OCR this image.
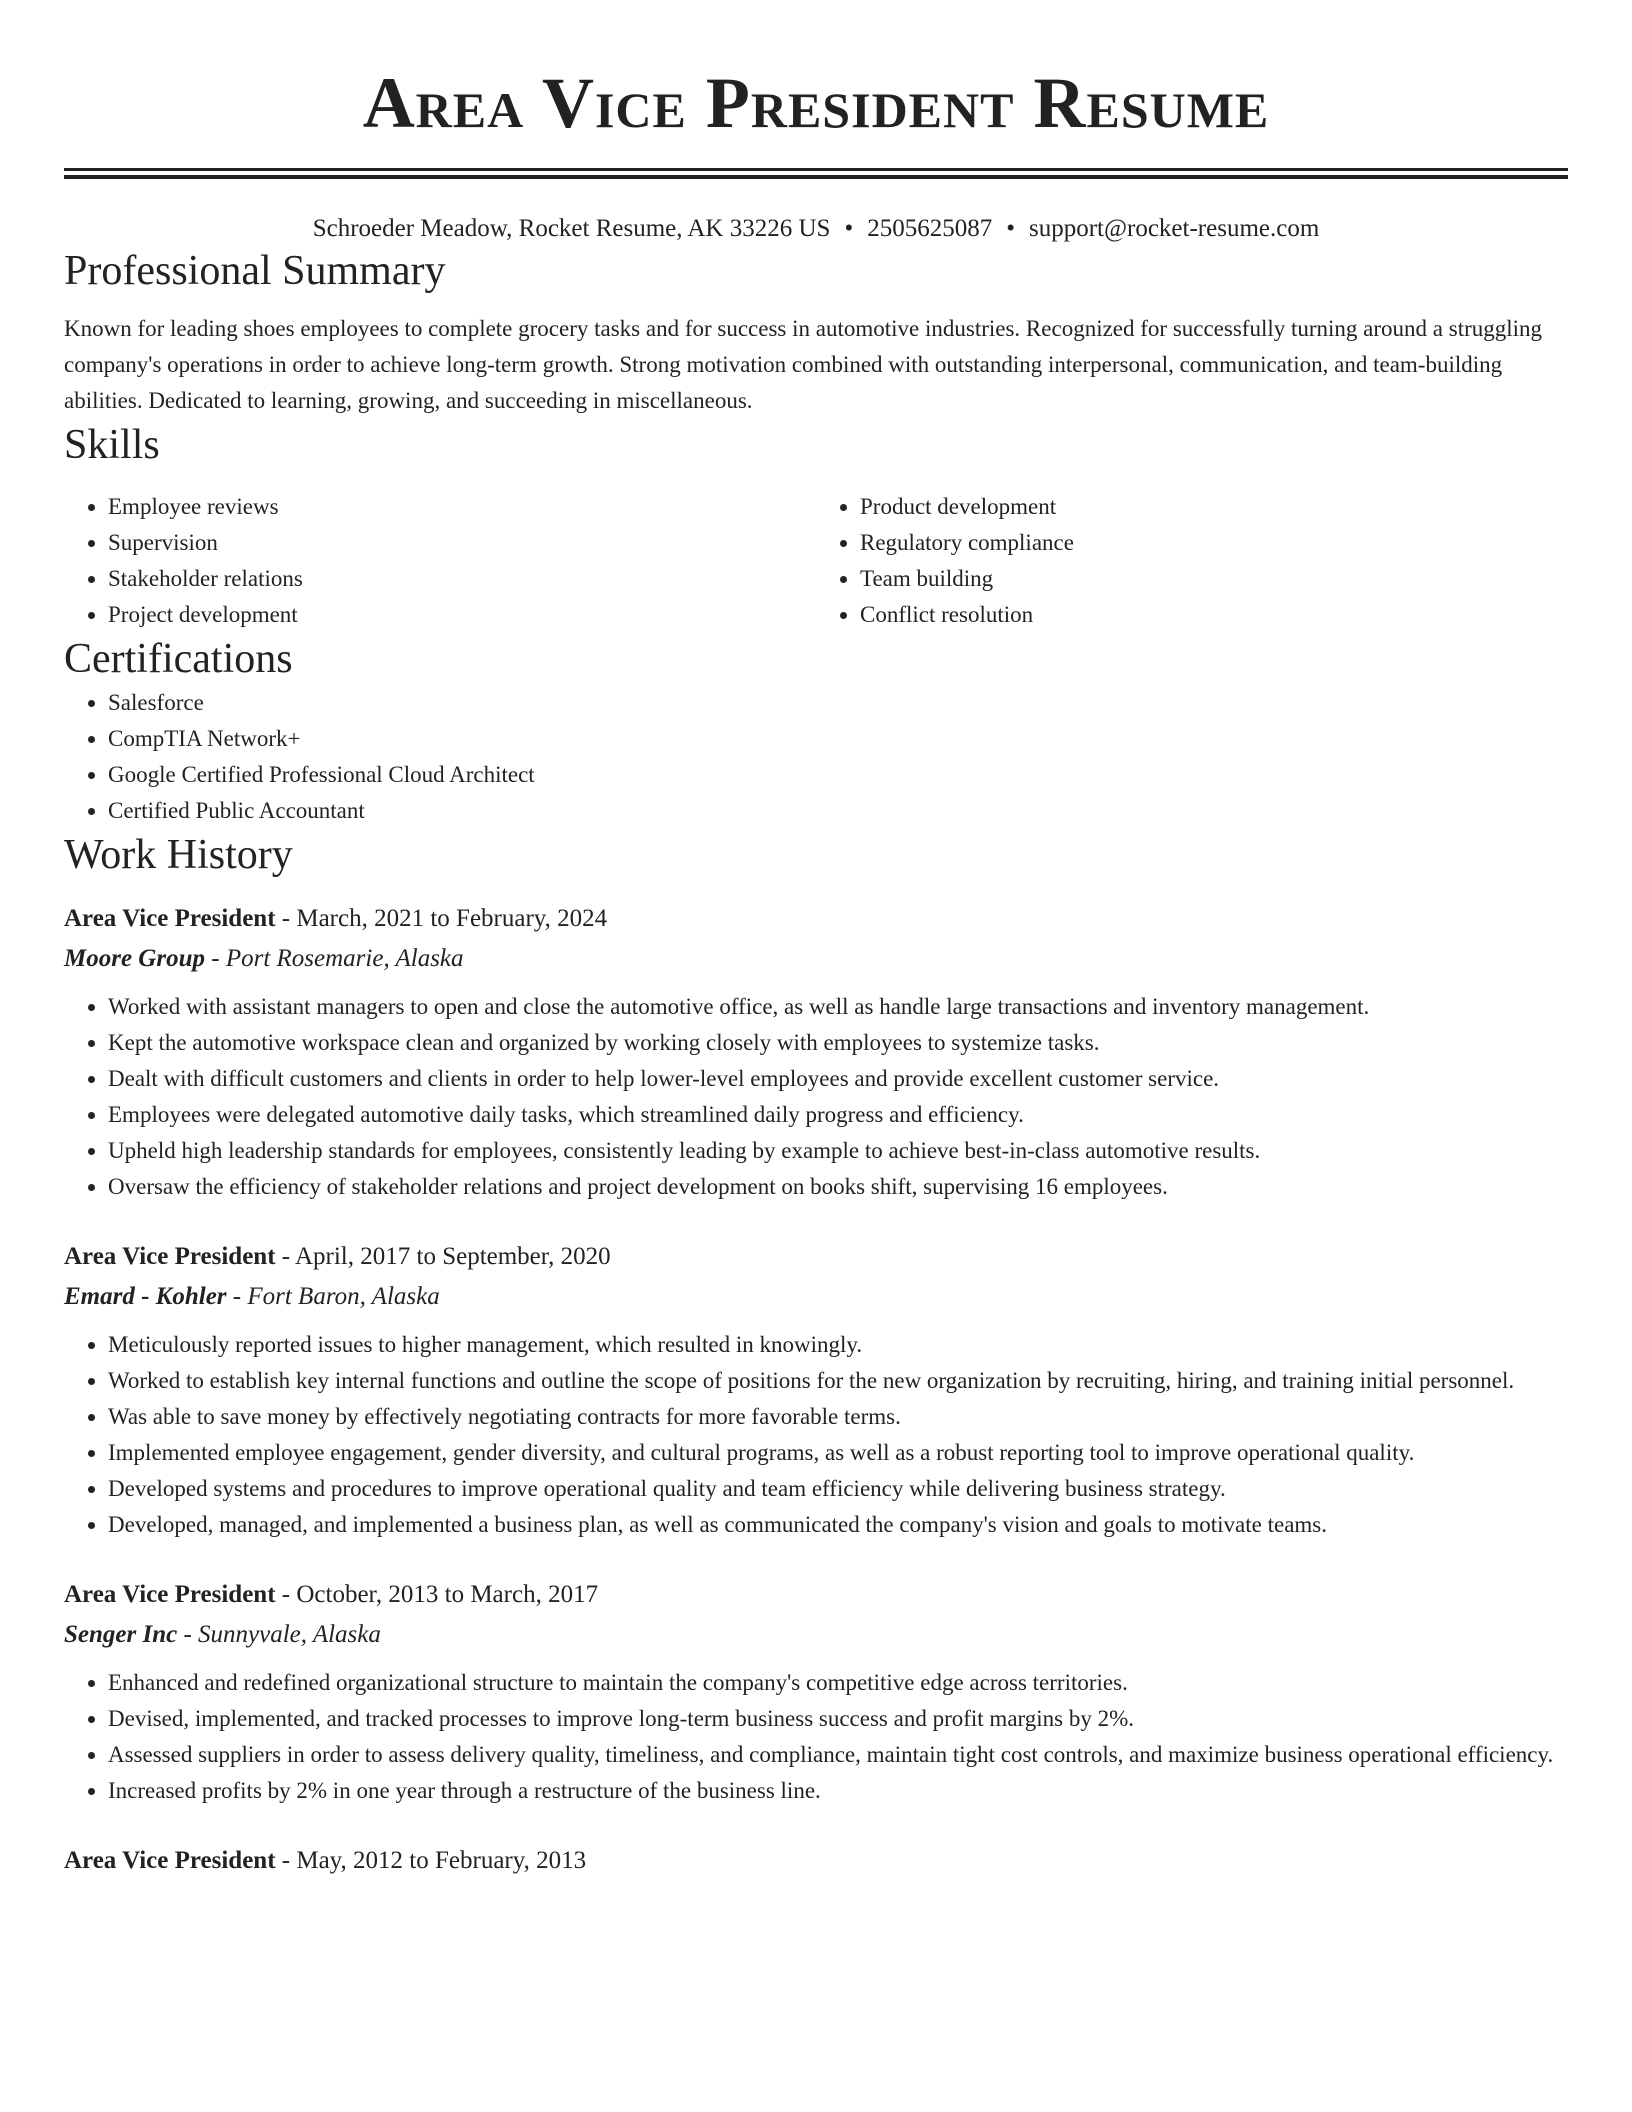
Area Vice President Resume
Schroeder Meadow, Rocket Resume, AK 33226 US • 2505625087 • support@rocket-resume.com
Professional Summary
Known for leading shoes employees to complete grocery tasks and for success in automotive industries. Recognized for successfully turning around a struggling company's operations in order to achieve long-term growth. Strong motivation combined with outstanding interpersonal, communication, and team-building abilities. Dedicated to learning, growing, and succeeding in miscellaneous.
Skills
• Employee reviews
• Supervision
• Stakeholder relations
• Project development
• Product development
• Regulatory compliance
• Team building
• Conflict resolution
Certifications
• Salesforce
• CompTIA Network+
• Google Certified Professional Cloud Architect
• Certified Public Accountant
Work History
Area Vice President - March, 2021 to February, 2024
Moore Group - Port Rosemarie, Alaska
• Worked with assistant managers to open and close the automotive office, as well as handle large transactions and inventory management.
• Kept the automotive workspace clean and organized by working closely with employees to systemize tasks.
• Dealt with difficult customers and clients in order to help lower-level employees and provide excellent customer service.
• Employees were delegated automotive daily tasks, which streamlined daily progress and efficiency.
• Upheld high leadership standards for employees, consistently leading by example to achieve best-in-class automotive results.
• Oversaw the efficiency of stakeholder relations and project development on books shift, supervising 16 employees.
Area Vice President - April, 2017 to September, 2020
Emard - Kohler - Fort Baron, Alaska
• Meticulously reported issues to higher management, which resulted in knowingly.
• Worked to establish key internal functions and outline the scope of positions for the new organization by recruiting, hiring, and training initial personnel.
• Was able to save money by effectively negotiating contracts for more favorable terms.
• Implemented employee engagement, gender diversity, and cultural programs, as well as a robust reporting tool to improve operational quality.
• Developed systems and procedures to improve operational quality and team efficiency while delivering business strategy.
• Developed, managed, and implemented a business plan, as well as communicated the company's vision and goals to motivate teams.
Area Vice President - October, 2013 to March, 2017
Senger Inc - Sunnyvale, Alaska
• Enhanced and redefined organizational structure to maintain the company's competitive edge across territories.
• Devised, implemented, and tracked processes to improve long-term business success and profit margins by 2%.
• Assessed suppliers in order to assess delivery quality, timeliness, and compliance, maintain tight cost controls, and maximize business operational efficiency.
• Increased profits by 2% in one year through a restructure of the business line.
Area Vice President - May, 2012 to February, 2013
